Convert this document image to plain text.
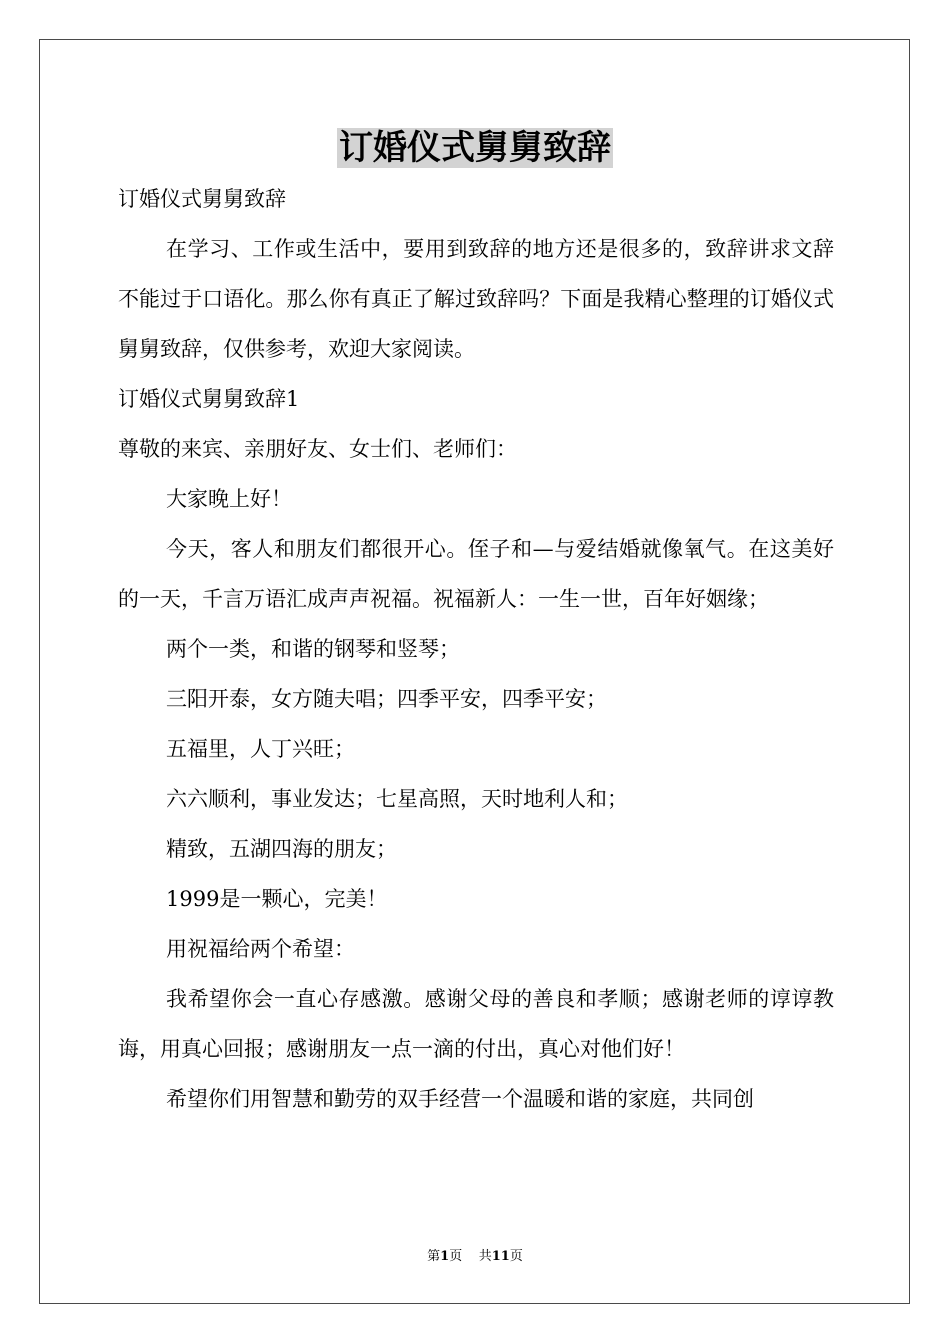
订婚仪式舅舅致辞

订婚仪式舅舅致辞

在学习、工作或生活中，要用到致辞的地方还是很多的，致辞讲求文辞不能过于口语化。那么你有真正了解过致辞吗？下面是我精心整理的订婚仪式舅舅致辞，仅供参考，欢迎大家阅读。

订婚仪式舅舅致辞1

尊敬的来宾、亲朋好友、女士们、老师们：

大家晚上好！

今天，客人和朋友们都很开心。侄子和—与爱结婚就像氧气。在这美好的一天，千言万语汇成声声祝福。祝福新人：一生一世，百年好姻缘；

两个一类，和谐的钢琴和竖琴；

三阳开泰，女方随夫唱；四季平安，四季平安；

五福里，人丁兴旺；

六六顺利，事业发达；七星高照，天时地利人和；

精致，五湖四海的朋友；

1999是一颗心，完美！

用祝福给两个希望：

我希望你会一直心存感激。感谢父母的善良和孝顺；感谢老师的谆谆教诲，用真心回报；感谢朋友一点一滴的付出，真心对他们好！

希望你们用智慧和勤劳的双手经营一个温暖和谐的家庭，共同创

第1页 共11页
